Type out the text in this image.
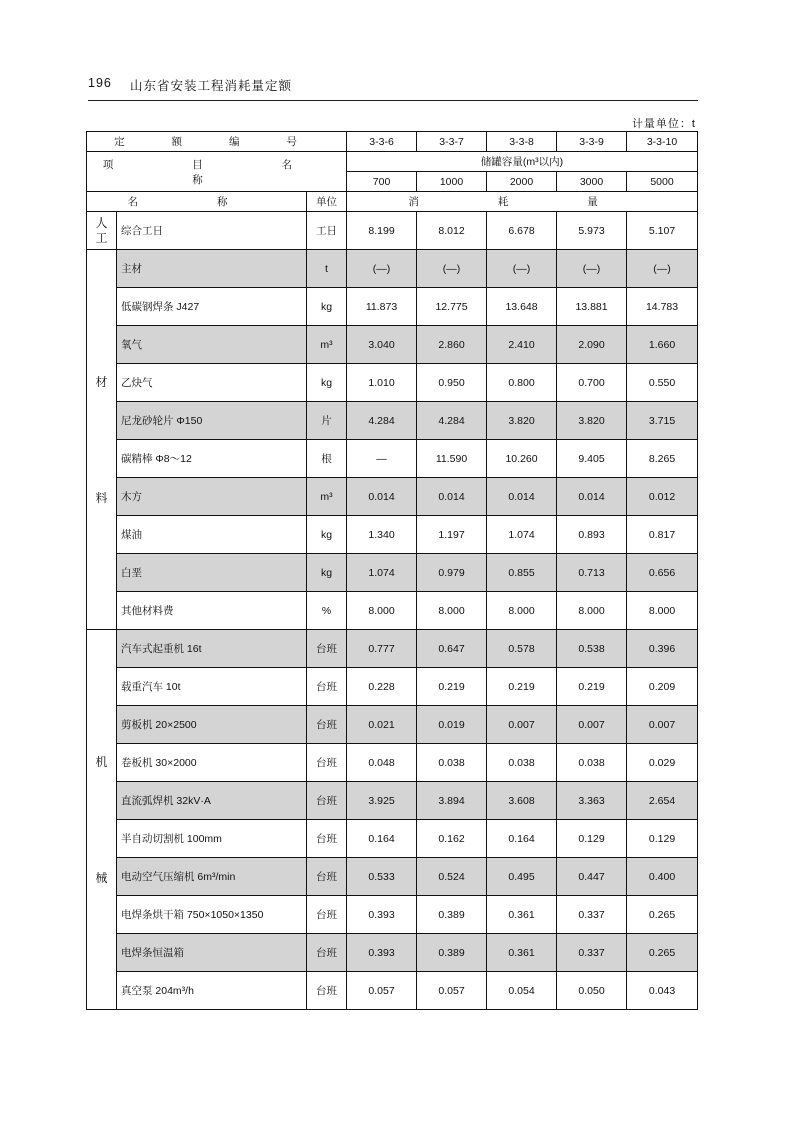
196 山东省安装工程消耗量定额
计量单位：t
定 额 编 号			3-3-6	3-3-7	3-3-8	3-3-9	3-3-10
项 目 名 称			储罐容量(m³以内)				
			700	1000	2000	3000	5000
名 称		单位	消 耗 量				
人工	综合工日	工日	8.199	8.012	6.678	5.973	5.107

材
料	主材	t	(—)	(—)	(—)	(—)	(—)
	低碳钢焊条 J427	kg	11.873	12.775	13.648	13.881	14.783
	氧气	m³	3.040	2.860	2.410	2.090	1.660
	乙炔气	kg	1.010	0.950	0.800	0.700	0.550
	尼龙砂轮片 Φ150	片	4.284	4.284	3.820	3.820	3.715
	碳精棒 Φ8～12	根	—	11.590	10.260	9.405	8.265
	木方	m³	0.014	0.014	0.014	0.014	0.012
	煤油	kg	1.340	1.197	1.074	0.893	0.817
	白垩	kg	1.074	0.979	0.855	0.713	0.656
	其他材料费	%	8.000	8.000	8.000	8.000	8.000

机
械	汽车式起重机 16t	台班	0.777	0.647	0.578	0.538	0.396
	载重汽车 10t	台班	0.228	0.219	0.219	0.219	0.209
	剪板机 20×2500	台班	0.021	0.019	0.007	0.007	0.007
	卷板机 30×2000	台班	0.048	0.038	0.038	0.038	0.029
	直流弧焊机 32kV·A	台班	3.925	3.894	3.608	3.363	2.654
	半自动切割机 100mm	台班	0.164	0.162	0.164	0.129	0.129
	电动空气压缩机 6m³/min	台班	0.533	0.524	0.495	0.447	0.400
	电焊条烘干箱 750×1050×1350	台班	0.393	0.389	0.361	0.337	0.265
	电焊条恒温箱	台班	0.393	0.389	0.361	0.337	0.265
	真空泵 204m³/h	台班	0.057	0.057	0.054	0.050	0.043
